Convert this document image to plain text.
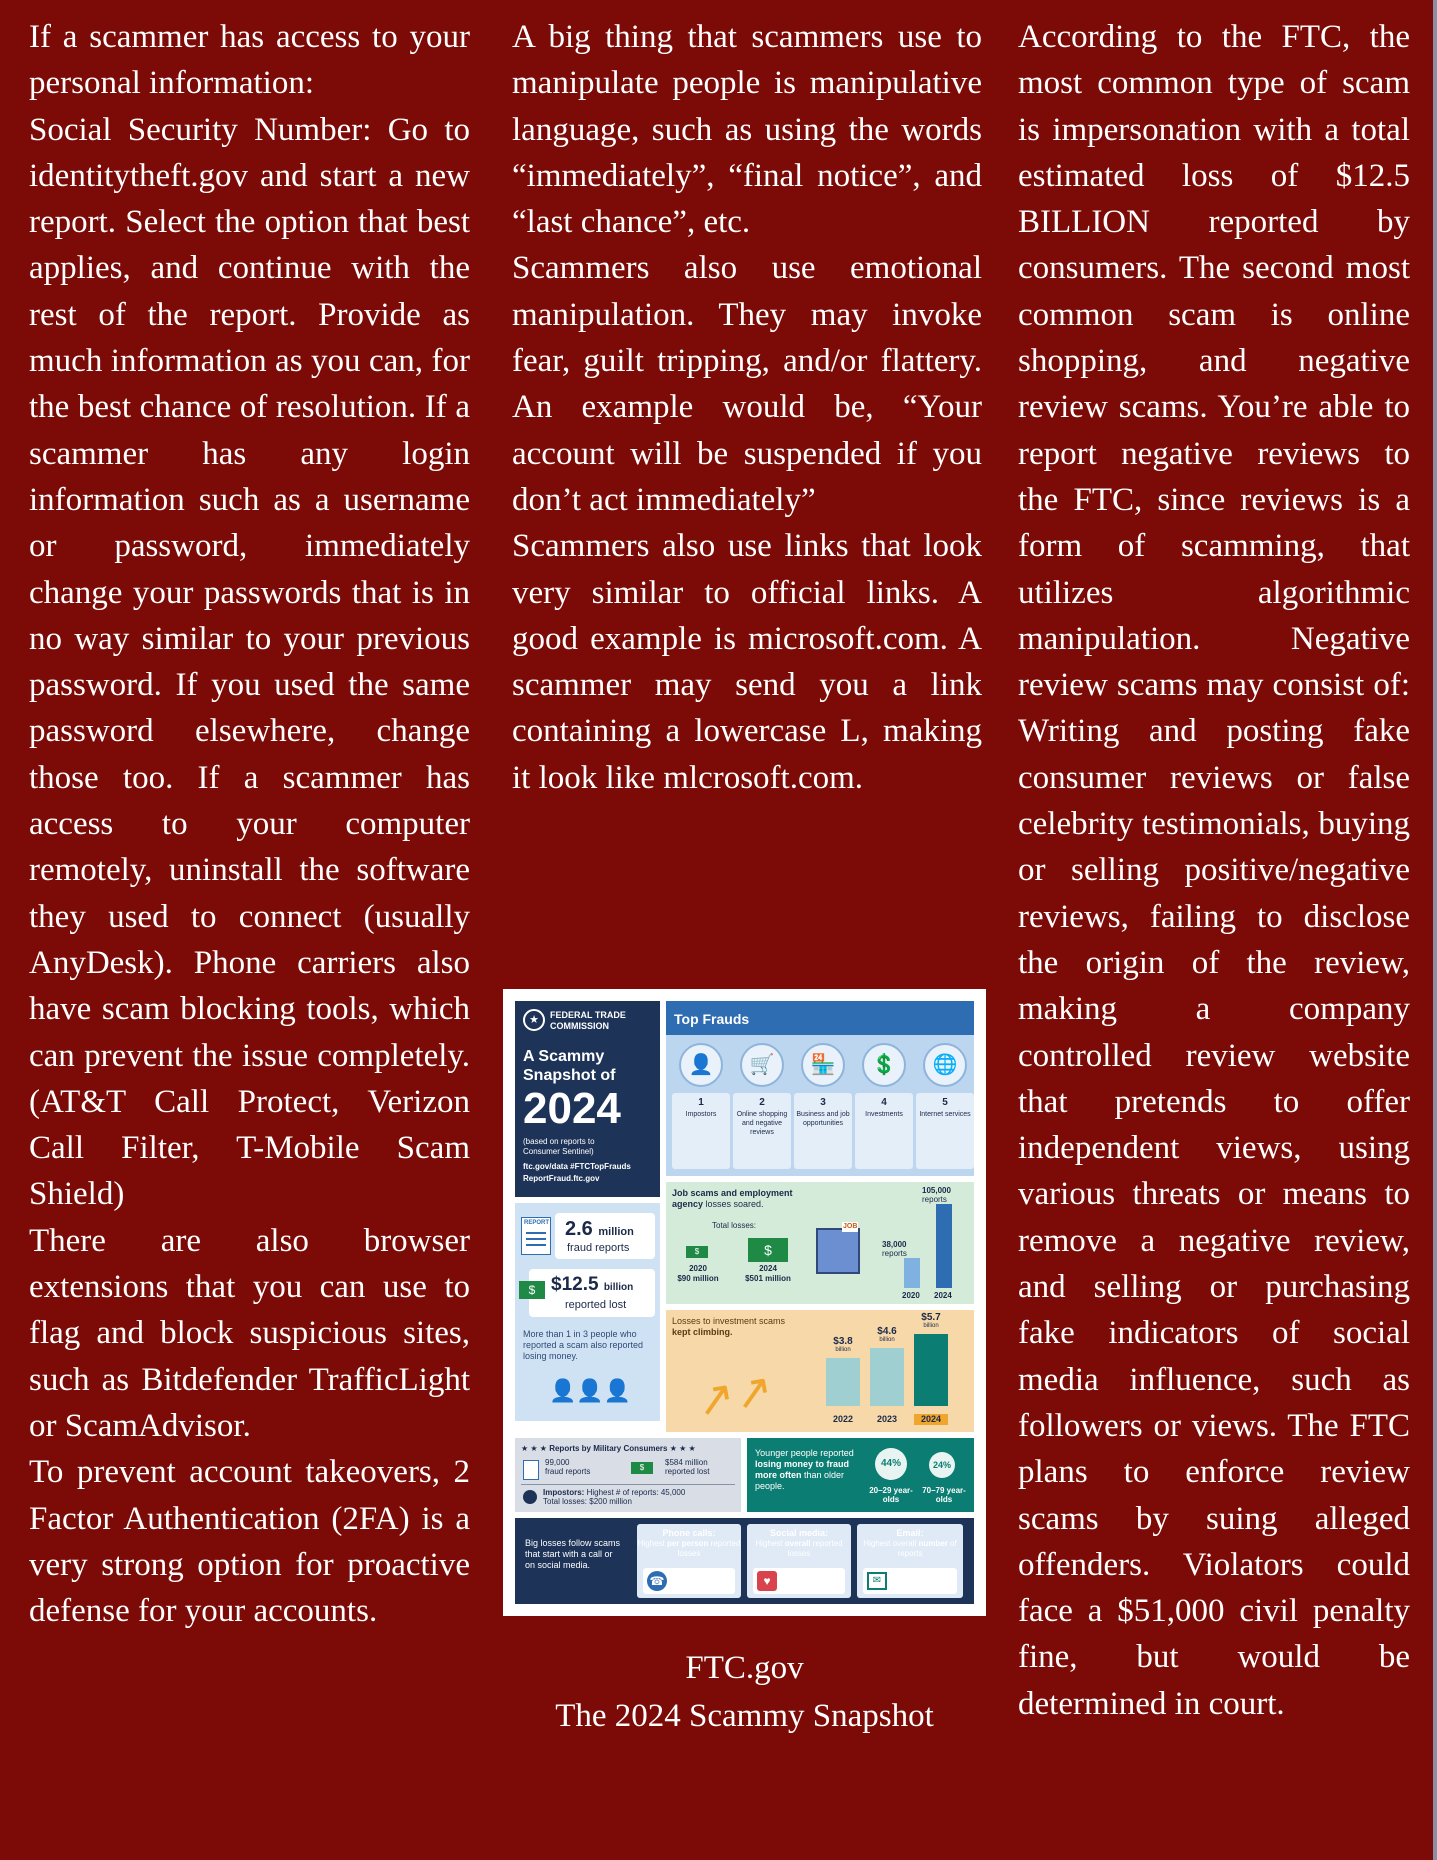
If a scammer has access to your personal information:

Social Security Number: Go to identitytheft.gov and start a new report. Select the option that best applies, and continue with the rest of the report. Provide as much information as you can, for the best chance of resolution. If a scammer has any login information such as a username or password, immediately change your passwords that is in no way similar to your previous password. If you used the same password elsewhere, change those too. If a scammer has access to your computer remotely, uninstall the software they used to connect (usually AnyDesk). Phone carriers also have scam blocking tools, which can prevent the issue completely. (AT&T Call Protect, Verizon Call Filter, T-Mobile Scam Shield)

There are also browser extensions that you can use to flag and block suspicious sites, such as Bitdefender TrafficLight or ScamAdvisor.

To prevent account takeovers, 2 Factor Authentication (2FA) is a very strong option for proactive defense for your accounts.

A big thing that scammers use to manipulate people is manipulative language, such as using the words “immediately”, “final notice”, and “last chance”, etc.

Scammers also use emotional manipulation. They may invoke fear, guilt tripping, and/or flattery. An example would be, “Your account will be suspended if you don’t act immediately”

Scammers also use links that look very similar to official links. A good example is microsoft.com. A scammer may send you a link containing a lowercase L, making it look like mlcrosoft.com.

According to the FTC, the most common type of scam is impersonation with a total estimated loss of $12.5 BILLION reported by consumers. The second most common scam is online shopping, and negative review scams. You’re able to report negative reviews to the FTC, since reviews is a form of scamming, that utilizes algorithmic manipulation. Negative review scams may consist of: Writing and posting fake consumer reviews or false celebrity testimonials, buying or selling positive/negative reviews, failing to disclose the origin of the review, making a company controlled review website that pretends to offer independent views, using various threats or means to remove a negative review, and selling or purchasing fake indicators of social media influence, such as followers or views. The FTC plans to enforce review scams by suing alleged offenders. Violators could face a $51,000 civil penalty fine, but would be determined in court.

★	FEDERAL TRADE
COMMISSION
A Scammy
Snapshot of
2024
(based on reports to
Consumer Sentinel)
ftc.gov/data #FTCTopFrauds
ReportFraud.ftc.gov
Top Frauds
👤
1
Impostors
🛒
2
Online shopping and negative reviews
🏪
3
Business and job opportunities
💲
4
Investments
🌐
5
Internet services
REPORT 2.6 million
fraud reports
$ $12.5 billion
reported lost
More than 1 in 3 people who reported a scam also reported losing money.
👤👤👤
Job scams and employment
agency losses soared.
Total losses:
$
2020
$90 million
$
2024
$501 million
JOB
38,000
reports
105,000
reports
2020 2024
Losses to investment scams kept climbing.
↗↗
$3.8
billion
2022
$4.6
billion
2023
$5.7
billion
2024
★ ★ ★ Reports by Military Consumers ★ ★ ★
99,000
fraud reports	$
$584 million
reported lost
Impostors: Highest # of reports: 45,000
Total losses: $200 million
Younger people reported losing money to fraud more often than older people.
44%	24%
20–29 year-olds
70–79 year-olds
Big losses follow scams that start with a call or on social media.
Phone calls:
Highest per person reported losses
☎	$1,500
median loss
Social media:
Highest overall reported losses
♥	$1.9 billion
total lost
Email:
Highest overall number of reports
✉	372,000
reports
FTC.gov
The 2024 Scammy Snapshot
